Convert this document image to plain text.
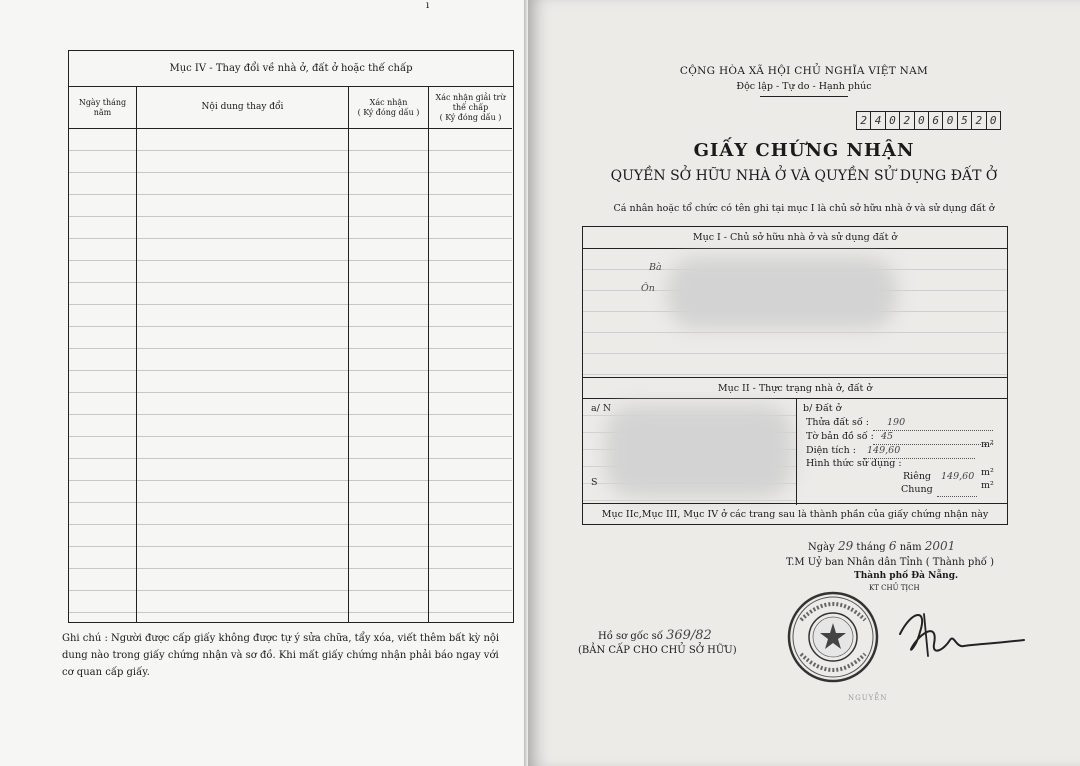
ı
Mục IV - Thay đổi về nhà ở, đất ở hoặc thế chấp
Ngày tháng
năm
Nội dung thay đổi	Xác nhận
( Ký đóng dấu )
Xác nhận giải trừ
thế chấp
( Ký đóng dấu )
Ghi chú : Người được cấp giấy không được tự ý sửa chữa, tẩy xóa, viết thêm bất kỳ nội dung nào trong giấy chứng nhận và sơ đồ. Khi mất giấy chứng nhận phải báo ngay với cơ quan cấp giấy.
CỘNG HÒA XÃ HỘI CHỦ NGHĨA VIỆT NAM
Độc lập - Tự do - Hạnh phúc
2 4 0 2 0 6 0 5 2 0
GIẤY CHỨNG NHẬN
QUYỀN SỞ HỮU NHÀ Ở VÀ QUYỀN SỬ DỤNG ĐẤT Ở
Cá nhân hoặc tổ chức có tên ghi tại mục I là chủ sở hữu nhà ở và sử dụng đất ở
Mục I - Chủ sở hữu nhà ở và sử dụng đất ở
Bà
Ôn
Mục II - Thực trạng nhà ở, đất ở
a/ N
S
b/ Đất ở
Thửa đất số : 190
Tờ bản đồ số : 45
Diện tích : 149,60
m²
Hình thức sử dụng :
Riêng 149,60 m²
Chung	m²
Mục IIc,Mục III, Mục IV ở các trang sau là thành phần của giấy chứng nhận này
Ngày 29 tháng 6 năm 2001
T.M Uỷ ban Nhân dân Tỉnh ( Thành phố )
Thành phố Đà Nẵng.
KT CHỦ TỊCH
NGUYỄN
Hồ sơ gốc số 369/82
(BẢN CẤP CHO CHỦ SỞ HỮU)
